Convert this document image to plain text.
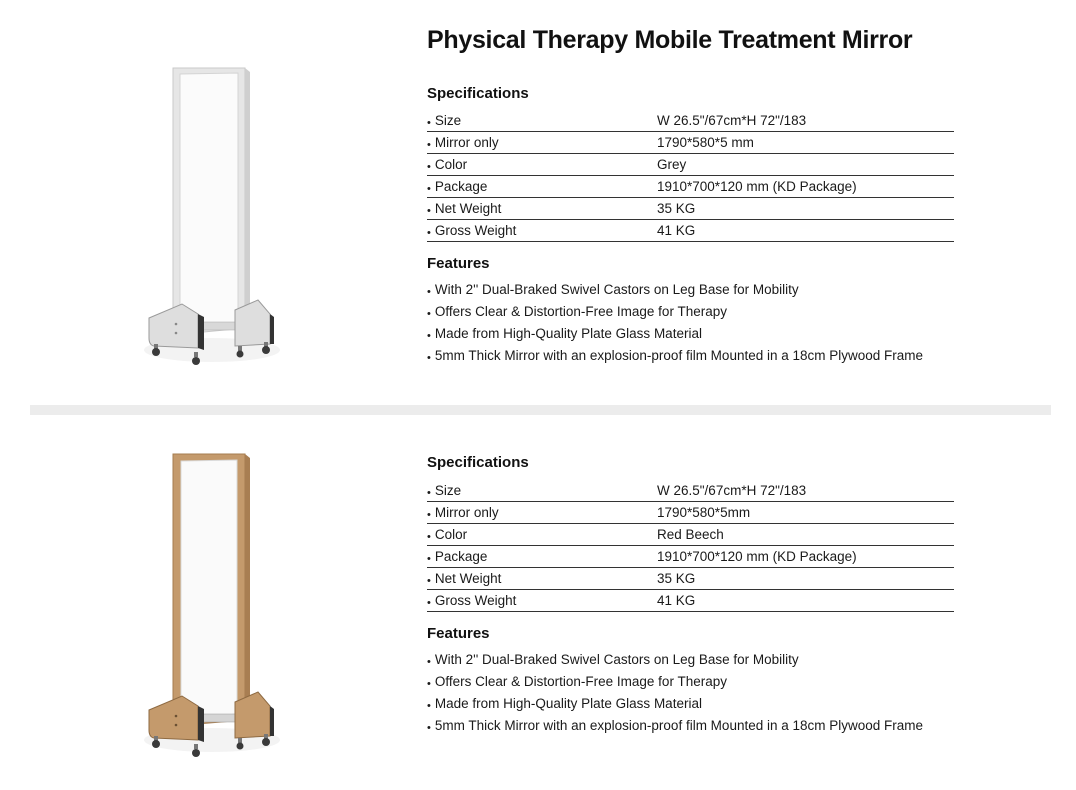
Physical Therapy Mobile Treatment Mirror
Specifications
• Size	W 26.5"/67cm*H 72"/183
• Mirror only	1790*580*5 mm
• Color	Grey
• Package	1910*700*120 mm (KD Package)
• Net Weight	35 KG
• Gross Weight	41 KG
Features
• With 2'' Dual-Braked Swivel Castors on Leg Base for Mobility
• Offers Clear & Distortion-Free Image for Therapy
• Made from High-Quality Plate Glass Material
• 5mm Thick Mirror with an explosion-proof film Mounted in a 18cm Plywood Frame
Specifications
• Size	W 26.5"/67cm*H 72"/183
• Mirror only	1790*580*5mm
• Color	Red Beech
• Package	1910*700*120 mm (KD Package)
• Net Weight	35 KG
• Gross Weight	41 KG
Features
• With 2'' Dual-Braked Swivel Castors on Leg Base for Mobility
• Offers Clear & Distortion-Free Image for Therapy
• Made from High-Quality Plate Glass Material
• 5mm Thick Mirror with an explosion-proof film Mounted in a 18cm Plywood Frame
